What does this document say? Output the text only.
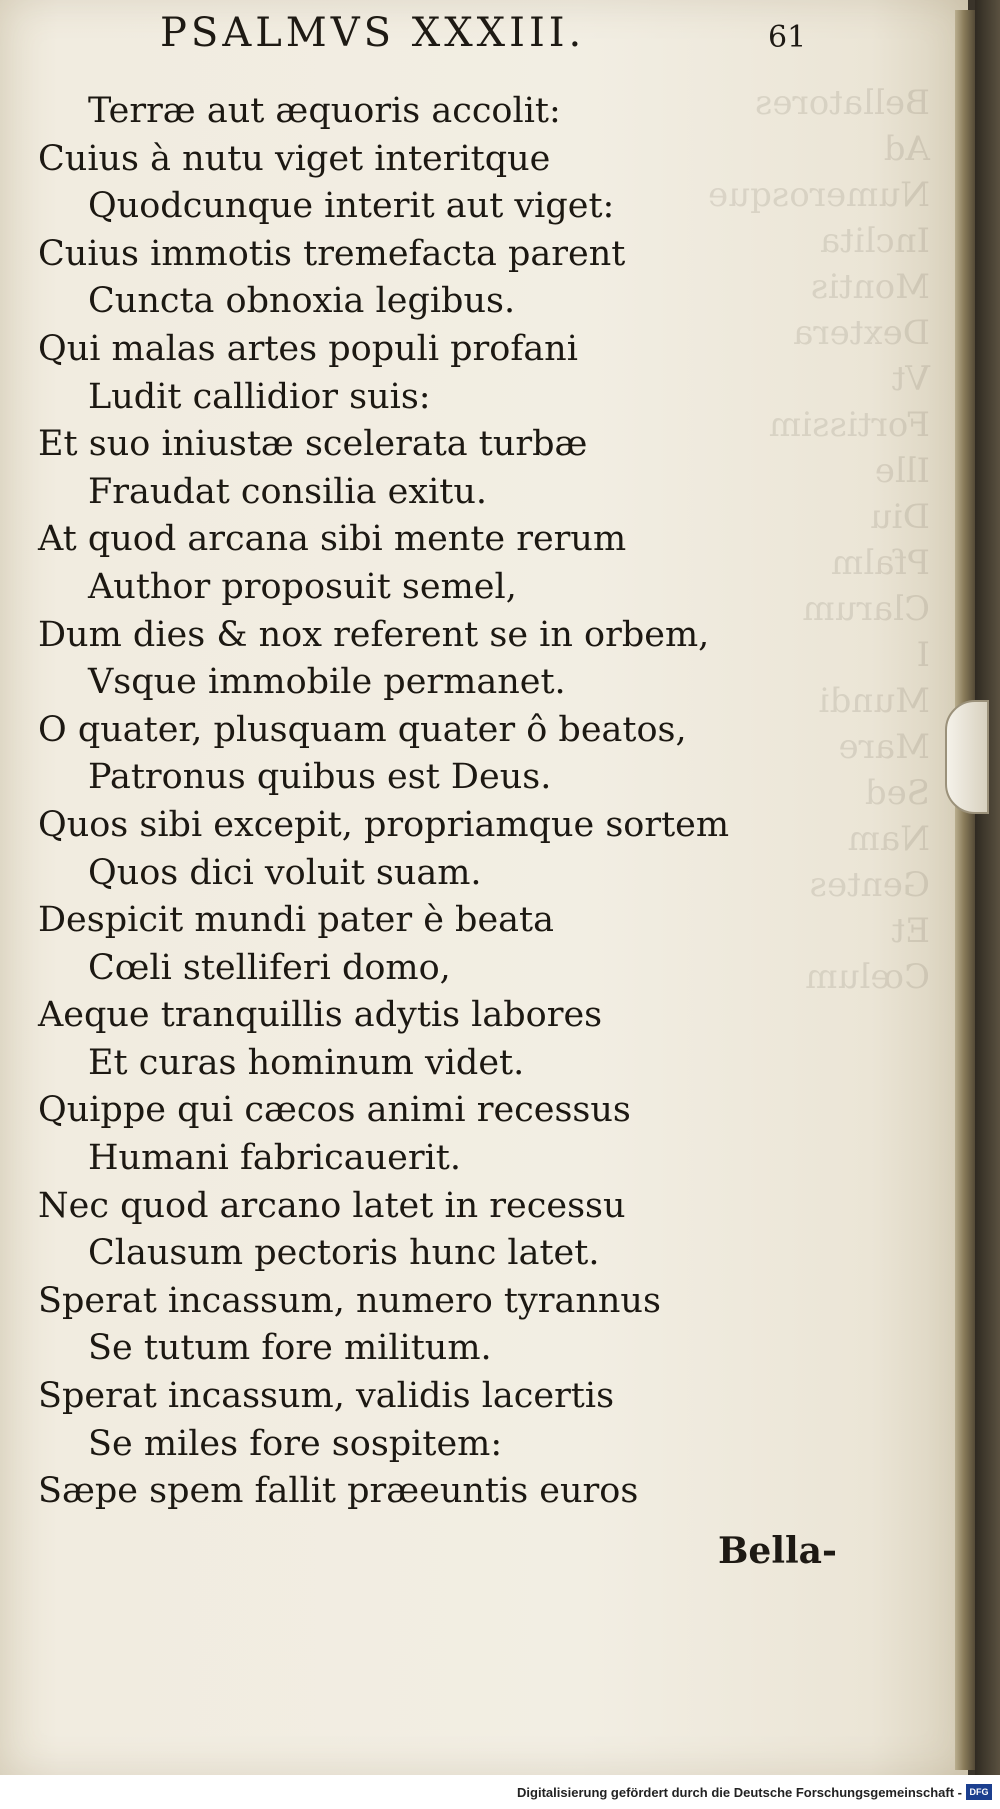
Bellatores
Ad Numerosque
Inclita
Montis
Dextera
Vt
Fortissim
Ille
Diu
Pfalm
Clarum
I
Mundi
Mare
Sed
Nam
Gentes
Et
Cœlum
PSALMVS XXXIII.	61
Terræ aut æquoris accolit:
Cuius à nutu viget interitque
Quodcunque interit aut viget:
Cuius immotis tremefacta parent
Cuncta obnoxia legibus.
Qui malas artes populi profani
Ludit callidior suis:
Et suo iniustæ scelerata turbæ
Fraudat consilia exitu.
At quod arcana sibi mente rerum
Author proposuit semel,
Dum dies & nox referent se in orbem,
Vsque immobile permanet.
O quater, plusquam quater ô beatos,
Patronus quibus est Deus.
Quos sibi excepit, propriamque sortem
Quos dici voluit suam.
Despicit mundi pater è beata
Cœli stelliferi domo,
Aeque tranquillis adytis labores
Et curas hominum videt.
Quippe qui cæcos animi recessus
Humani fabricauerit.
Nec quod arcano latet in recessu
Clausum pectoris hunc latet.
Sperat incassum, numero tyrannus
Se tutum fore militum.
Sperat incassum, validis lacertis
Se miles fore sospitem:
Sæpe spem fallit præeuntis euros
Bella-
Digitalisierung gefördert durch die Deutsche Forschungsgemeinschaft - DFG
